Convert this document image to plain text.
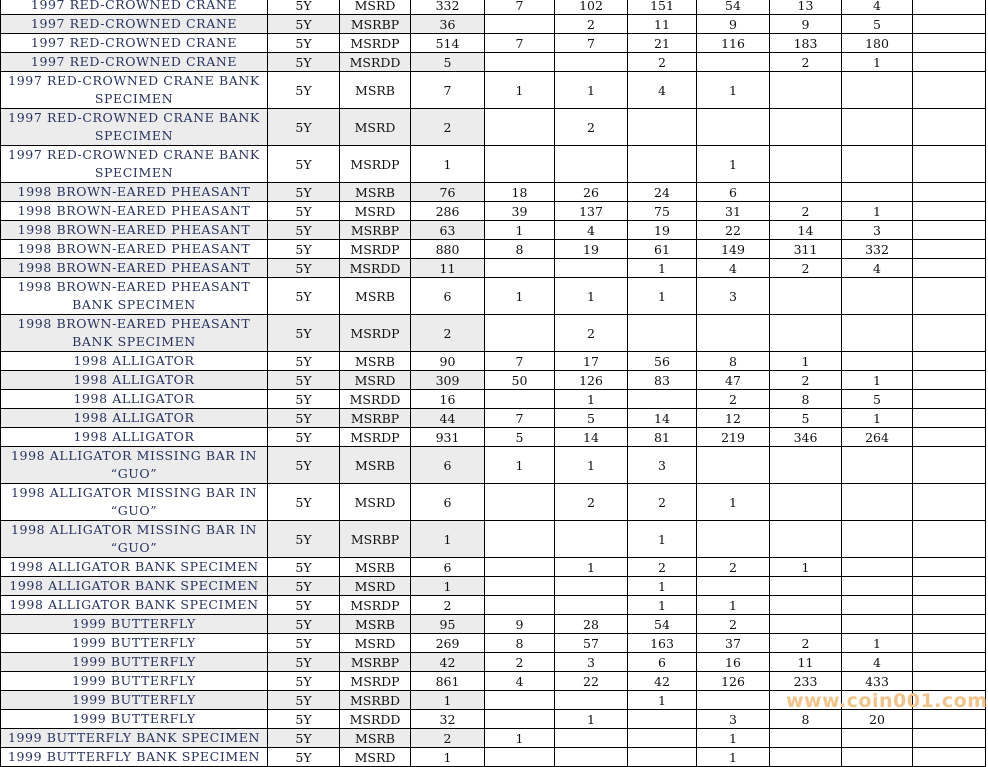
1997 RED-CROWNED CRANE	5Y	MSRD	332	7	102	151	54	13	4	
1997 RED-CROWNED CRANE	5Y	MSRBP	36		2	11	9	9	5	
1997 RED-CROWNED CRANE	5Y	MSRDP	514	7	7	21	116	183	180	
1997 RED-CROWNED CRANE	5Y	MSRDD	5			2		2	1	
1997 RED-CROWNED CRANE BANK SPECIMEN	5Y	MSRB	7	1	1	4	1			
1997 RED-CROWNED CRANE BANK SPECIMEN	5Y	MSRD	2		2					
1997 RED-CROWNED CRANE BANK SPECIMEN	5Y	MSRDP	1				1			
1998 BROWN-EARED PHEASANT	5Y	MSRB	76	18	26	24	6			
1998 BROWN-EARED PHEASANT	5Y	MSRD	286	39	137	75	31	2	1	
1998 BROWN-EARED PHEASANT	5Y	MSRBP	63	1	4	19	22	14	3	
1998 BROWN-EARED PHEASANT	5Y	MSRDP	880	8	19	61	149	311	332	
1998 BROWN-EARED PHEASANT	5Y	MSRDD	11			1	4	2	4	
1998 BROWN-EARED PHEASANT BANK SPECIMEN	5Y	MSRB	6	1	1	1	3			
1998 BROWN-EARED PHEASANT BANK SPECIMEN	5Y	MSRDP	2		2					
1998 ALLIGATOR	5Y	MSRB	90	7	17	56	8	1		
1998 ALLIGATOR	5Y	MSRD	309	50	126	83	47	2	1	
1998 ALLIGATOR	5Y	MSRDD	16		1		2	8	5	
1998 ALLIGATOR	5Y	MSRBP	44	7	5	14	12	5	1	
1998 ALLIGATOR	5Y	MSRDP	931	5	14	81	219	346	264	
1998 ALLIGATOR MISSING BAR IN “GUO”	5Y	MSRB	6	1	1	3				
1998 ALLIGATOR MISSING BAR IN “GUO”	5Y	MSRD	6		2	2	1			
1998 ALLIGATOR MISSING BAR IN “GUO”	5Y	MSRBP	1			1				
1998 ALLIGATOR BANK SPECIMEN	5Y	MSRB	6		1	2	2	1		
1998 ALLIGATOR BANK SPECIMEN	5Y	MSRD	1			1				
1998 ALLIGATOR BANK SPECIMEN	5Y	MSRDP	2			1	1			
1999 BUTTERFLY	5Y	MSRB	95	9	28	54	2			
1999 BUTTERFLY	5Y	MSRD	269	8	57	163	37	2	1	
1999 BUTTERFLY	5Y	MSRBP	42	2	3	6	16	11	4	
1999 BUTTERFLY	5Y	MSRDP	861	4	22	42	126	233	433	
1999 BUTTERFLY	5Y	MSRBD	1			1				
1999 BUTTERFLY	5Y	MSRDD	32		1		3	8	20	
1999 BUTTERFLY BANK SPECIMEN	5Y	MSRB	2	1			1			
1999 BUTTERFLY BANK SPECIMEN	5Y	MSRD	1				1			
www.coin001.com
